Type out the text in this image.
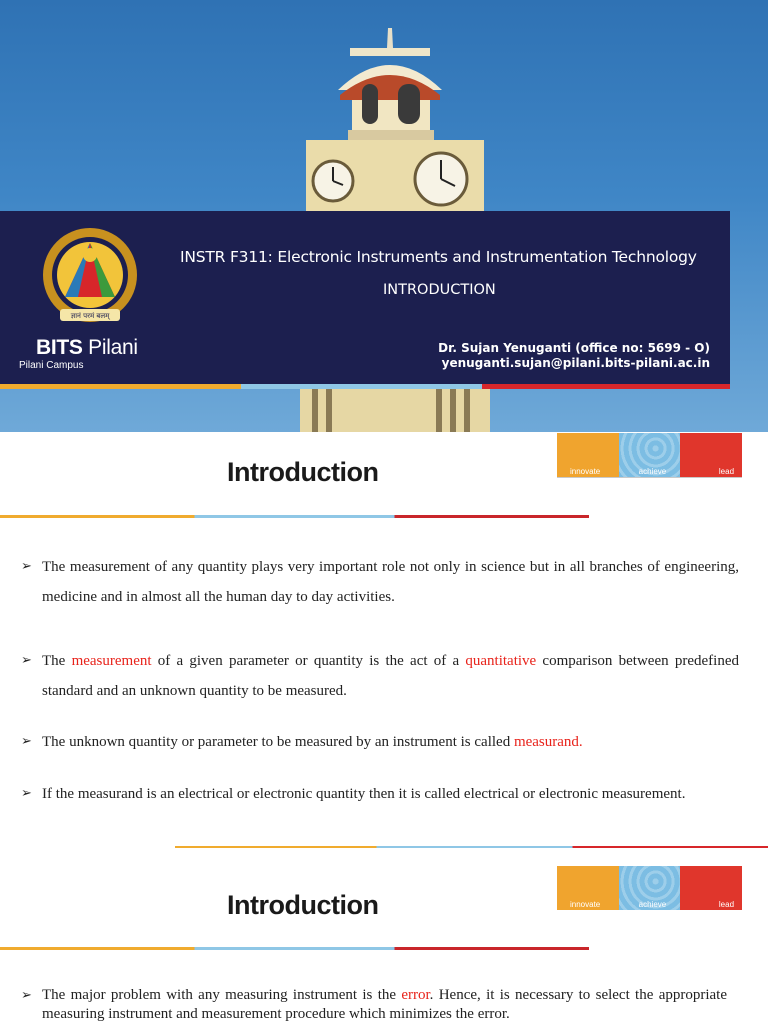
ज्ञानं परमं बलम्
BITS Pilani
Pilani Campus
INSTR F311: Electronic Instruments and Instrumentation Technology
INTRODUCTION
Dr. Sujan Yenuganti (office no: 5699 - O)
yenuganti.sujan@pilani.bits-pilani.ac.in
Introduction	innovate	achieve	lead
➢ The measurement of any quantity plays very important role not only in science but in all branches of engineering, medicine and in almost all the human day to day activities.
➢ The measurement of a given parameter or quantity is the act of a quantitative comparison between predefined standard and an unknown quantity to be measured.
➢ The unknown quantity or parameter to be measured by an instrument is called measurand.
➢ If the measurand is an electrical or electronic quantity then it is called electrical or electronic measurement.
Introduction	innovate	achieve	lead
➢ The major problem with any measuring instrument is the error. Hence, it is necessary to select the appropriate measuring instrument and measurement procedure which minimizes the error.
